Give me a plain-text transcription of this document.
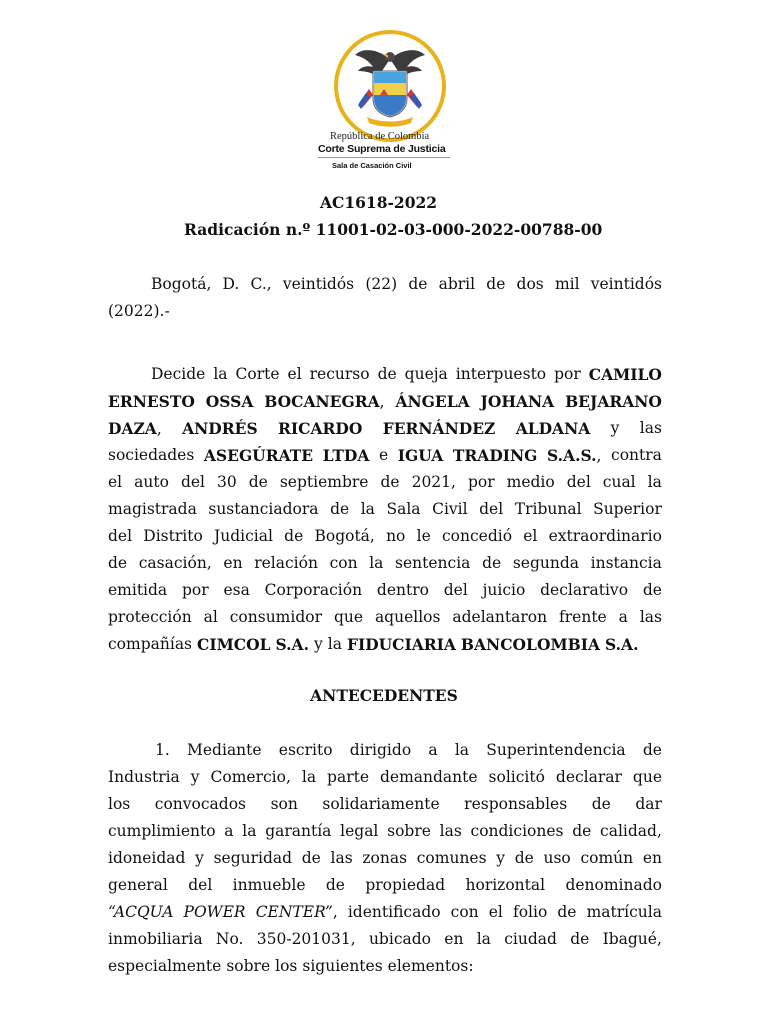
República de Colombia
Corte Suprema de Justicia
Sala de Casación Civil
AC1618-2022
Radicación n.º 11001-02-03-000-2022-00788-00
Bogotá, D. C., veintidós (22) de abril de dos mil veintidós
(2022).-
Decide la Corte el recurso de queja interpuesto por CAMILO
ERNESTO OSSA BOCANEGRA, ÁNGELA JOHANA BEJARANO
DAZA, ANDRÉS RICARDO FERNÁNDEZ ALDANA y las
sociedades ASEGÚRATE LTDA e IGUA TRADING S.A.S., contra
el auto del 30 de septiembre de 2021, por medio del cual la
magistrada sustanciadora de la Sala Civil del Tribunal Superior
del Distrito Judicial de Bogotá, no le concedió el extraordinario
de casación, en relación con la sentencia de segunda instancia
emitida por esa Corporación dentro del juicio declarativo de
protección al consumidor que aquellos adelantaron frente a las
compañías CIMCOL S.A. y la FIDUCIARIA BANCOLOMBIA S.A.
ANTECEDENTES
1. Mediante escrito dirigido a la Superintendencia de
Industria y Comercio, la parte demandante solicitó declarar que
los convocados son solidariamente responsables de dar
cumplimiento a la garantía legal sobre las condiciones de calidad,
idoneidad y seguridad de las zonas comunes y de uso común en
general del inmueble de propiedad horizontal denominado
“ACQUA POWER CENTER”, identificado con el folio de matrícula
inmobiliaria No. 350-201031, ubicado en la ciudad de Ibagué,
especialmente sobre los siguientes elementos:
